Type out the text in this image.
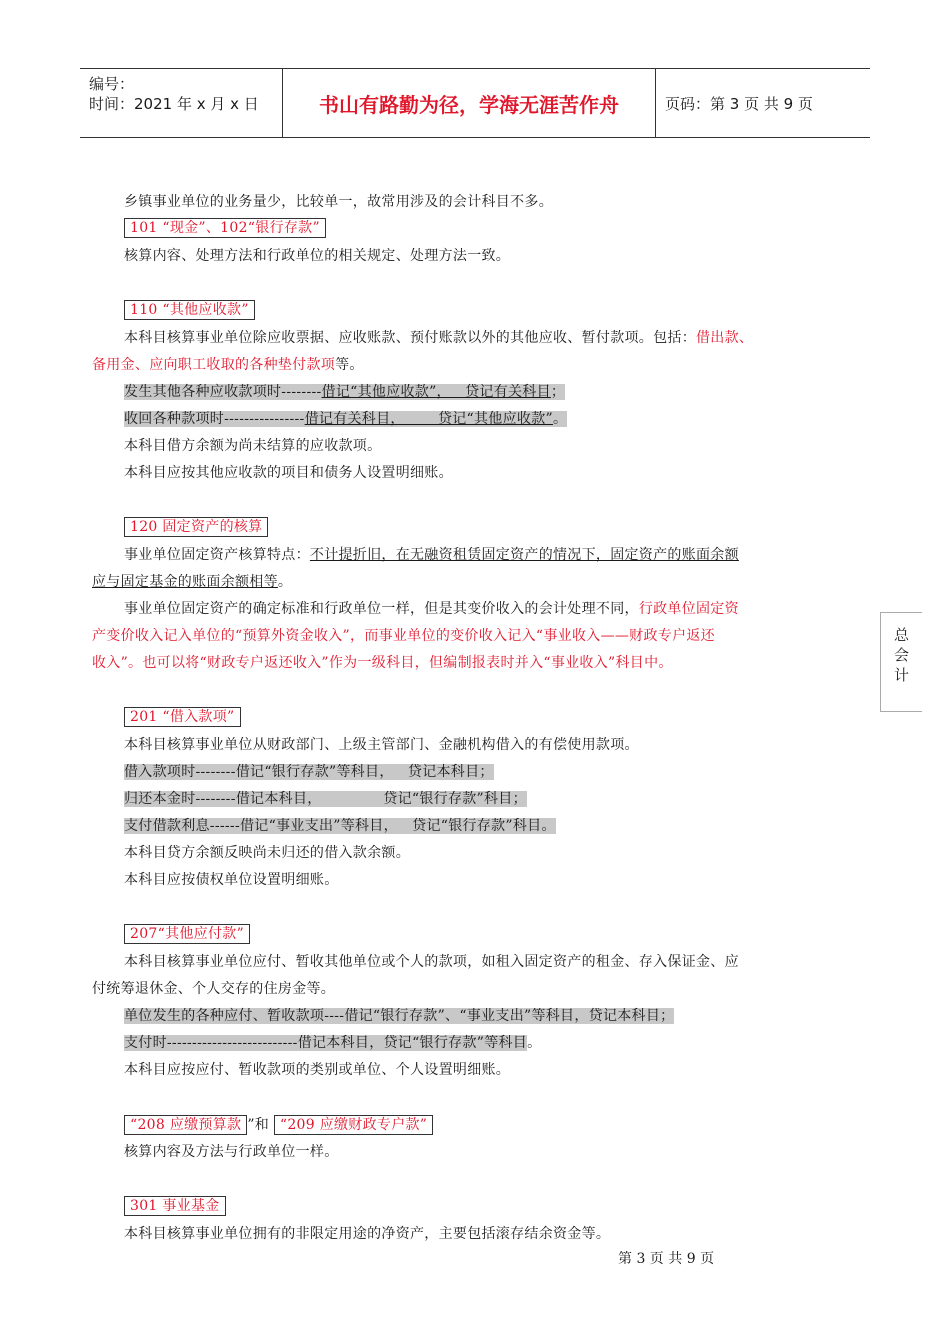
编号：
时间：2021 年 x 月 x 日	书山有路勤为径，学海无涯苦作舟	页码：第 3 页 共 9 页
总
会
计
乡镇事业单位的业务量少，比较单一，故常用涉及的会计科目不多。
101 “现金”、102“银行存款”
核算内容、处理方法和行政单位的相关规定、处理方法一致。
110 “其他应收款”
本科目核算事业单位除应收票据、应收账款、预付账款以外的其他应收、暂付款项。包括：借出款、
备用金、应向职工收取的各种垫付款项等。
发生其他各种应收款项时--------借记“其他应收款”，   贷记有关科目；
收回各种款项时----------------借记有关科目，       贷记“其他应收款”。
本科目借方余额为尚未结算的应收款项。
本科目应按其他应收款的项目和债务人设置明细账。
120 固定资产的核算
事业单位固定资产核算特点：不计提折旧，在无融资租赁固定资产的情况下，固定资产的账面余额
应与固定基金的账面余额相等。
事业单位固定资产的确定标准和行政单位一样，但是其变价收入的会计处理不同，行政单位固定资
产变价收入记入单位的“预算外资金收入”，而事业单位的变价收入记入“事业收入——财政专户返还
收入”。也可以将“财政专户返还收入”作为一级科目，但编制报表时并入“事业收入”科目中。
201 “借入款项”
本科目核算事业单位从财政部门、上级主管部门、金融机构借入的有偿使用款项。
借入款项时--------借记“银行存款”等科目，   贷记本科目；
归还本金时--------借记本科目，             贷记“银行存款”科目；
支付借款利息------借记“事业支出”等科目，   贷记“银行存款”科目。
本科目贷方余额反映尚未归还的借入款余额。
本科目应按债权单位设置明细账。
207“其他应付款”
本科目核算事业单位应付、暂收其他单位或个人的款项，如租入固定资产的租金、存入保证金、应
付统筹退休金、个人交存的住房金等。
单位发生的各种应付、暂收款项----借记“银行存款”、“事业支出”等科目，贷记本科目；
支付时--------------------------借记本科目，贷记“银行存款”等科目。
本科目应按应付、暂收款项的类别或单位、个人设置明细账。
“208 应缴预算款 ”和 “209 应缴财政专户款”
核算内容及方法与行政单位一样。
301 事业基金
本科目核算事业单位拥有的非限定用途的净资产，主要包括滚存结余资金等。
第 3 页 共 9 页
